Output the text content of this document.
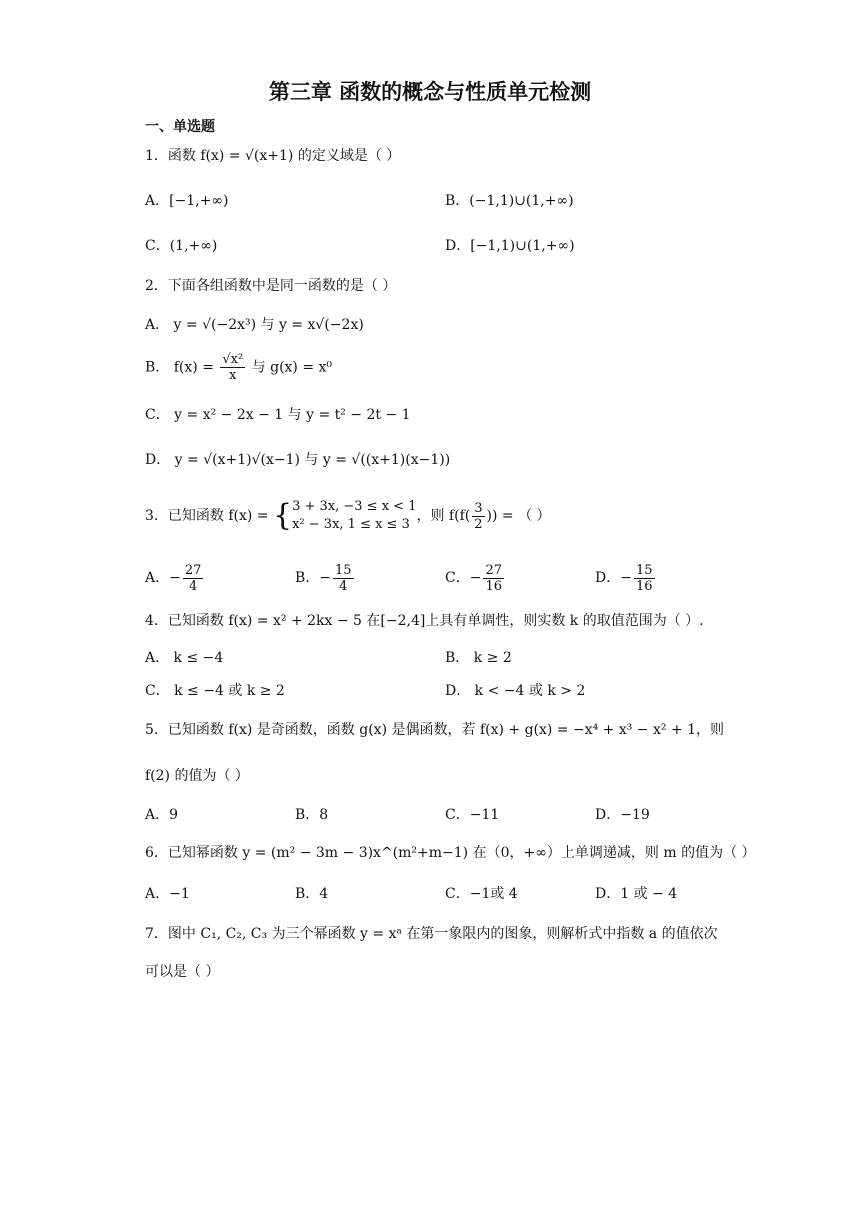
第三章 函数的概念与性质单元检测
一、单选题
1．函数 f(x) = √(x+1) 的定义域是（ ）
A．[−1,+∞)	B．(−1,1)∪(1,+∞)
C．(1,+∞)	D．[−1,1)∪(1,+∞)
2．下面各组函数中是同一函数的是（ ）
A． y = √(−2x³) 与 y = x√(−2x)
B． $f(x) = \frac{\text{√x²}}{x}$ 与 g(x) = x⁰
C． y = x² − 2x − 1 与 y = t² − 2t − 1
D． y = √(x+1)√(x−1) 与 y = √((x+1)(x−1))
3．已知函数 f(x) = { 3 + 3x, −3 ≤ x < 1
x² − 3x, 1 ≤ x ≤ 3
，则 $f(f( \frac{3}{2}$ )) = （ ）
A．− $\frac{27}{4}$	B．− $\frac{15}{4}$	C．− $\frac{27}{16}$	D．− $\frac{15}{16}$
4．已知函数 f(x) = x² + 2kx − 5 在[−2,4]上具有单调性，则实数 k 的取值范围为（ ）.
A． k ≤ −4	B． k ≥ 2
C． k ≤ −4 或 k ≥ 2	D． k < −4 或 k > 2
5．已知函数 f(x) 是奇函数，函数 g(x) 是偶函数，若 f(x) + g(x) = −x⁴ + x³ − x² + 1，则
f(2) 的值为（ ）
A．9	B．8	C．−11	D．−19
6．已知幂函数 y = (m² − 3m − 3)x^(m²+m−1) 在（0，+∞）上单调递减，则 m 的值为（ ）
A．−1	B．4	C．−1或 4	D．1 或 − 4
7．图中 C₁, C₂, C₃ 为三个幂函数 y = xᵃ 在第一象限内的图象，则解析式中指数 a 的值依次
可以是（ ）
